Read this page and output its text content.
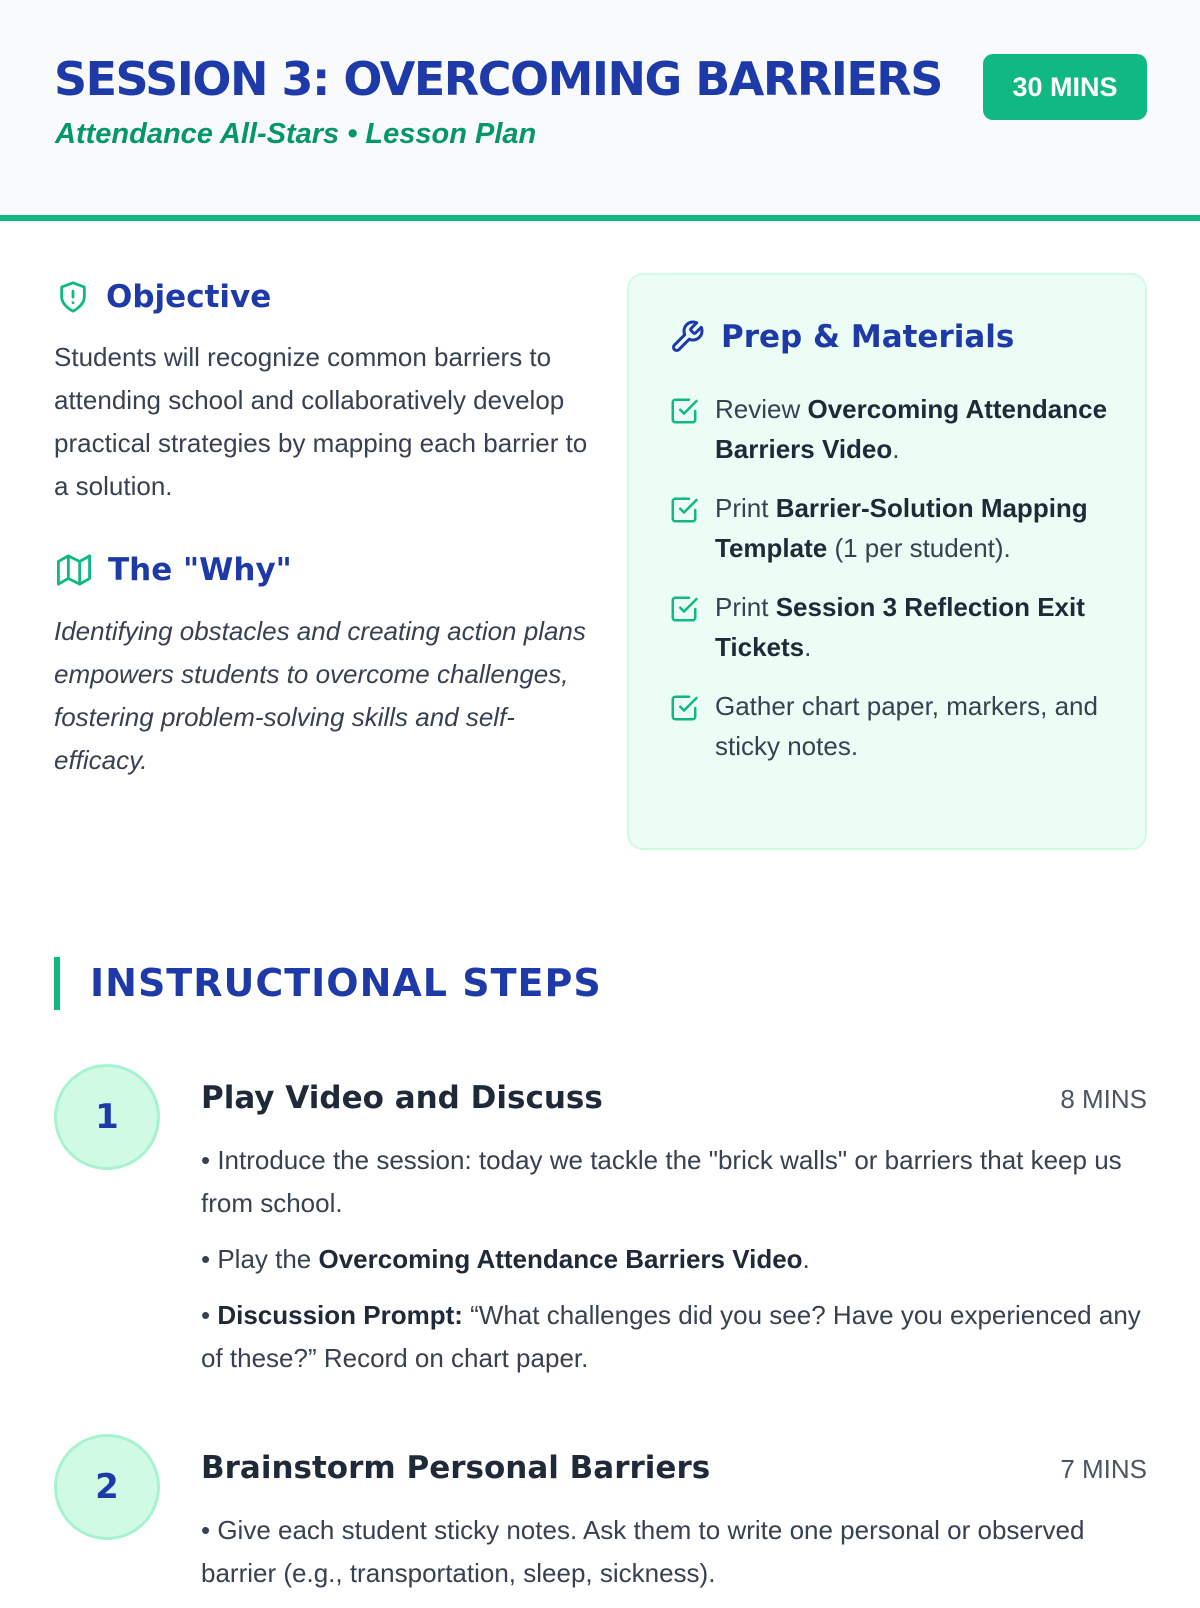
SESSION 3: OVERCOMING BARRIERS
Attendance All-Stars • Lesson Plan
30 MINS
Objective
Students will recognize common barriers to attending school and collaboratively develop practical strategies by mapping each barrier to a solution.
The "Why"
Identifying obstacles and creating action plans empowers students to overcome challenges, fostering problem-solving skills and self-efficacy.
Prep & Materials
Review Overcoming Attendance Barriers Video.
Print Barrier-Solution Mapping Template (1 per student).
Print Session 3 Reflection Exit Tickets.
Gather chart paper, markers, and sticky notes.
INSTRUCTIONAL STEPS
1	Play Video and Discuss	8 MINS

• Introduce the session: today we tackle the "brick walls" or barriers that keep us from school.

• Play the Overcoming Attendance Barriers Video.

• Discussion Prompt: “What challenges did you see? Have you experienced any of these?” Record on chart paper.

2	Brainstorm Personal Barriers	7 MINS

• Give each student sticky notes. Ask them to write one personal or observed barrier (e.g., transportation, sleep, sickness).
